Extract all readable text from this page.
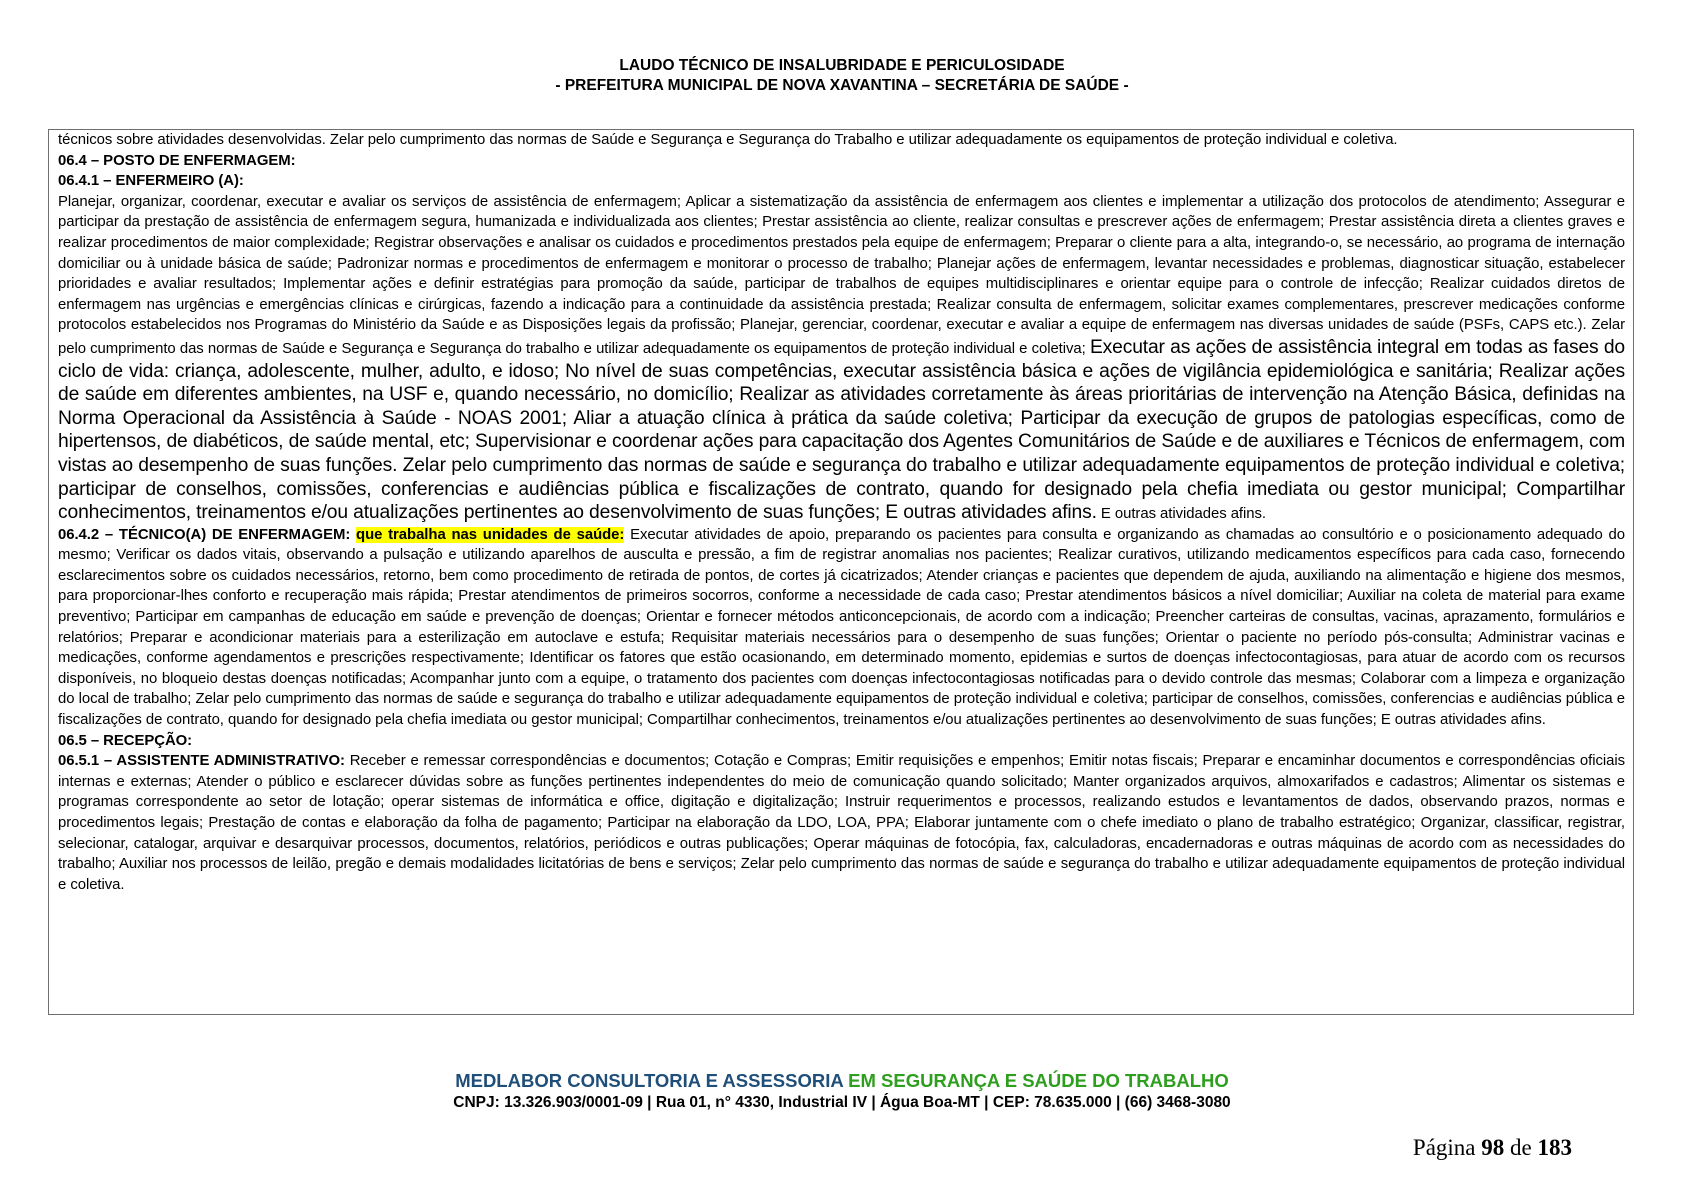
LAUDO TÉCNICO DE INSALUBRIDADE E PERICULOSIDADE
- PREFEITURA MUNICIPAL DE NOVA XAVANTINA – SECRETÁRIA DE SAÚDE -

técnicos sobre atividades desenvolvidas. Zelar pelo cumprimento das normas de Saúde e Segurança e Segurança do Trabalho e utilizar adequadamente os equipamentos de proteção individual e coletiva.

06.4 – POSTO DE ENFERMAGEM:

06.4.1 – ENFERMEIRO (A):

Planejar, organizar, coordenar, executar e avaliar os serviços de assistência de enfermagem; Aplicar a sistematização da assistência de enfermagem aos clientes e implementar a utilização dos protocolos de atendimento; Assegurar e participar da prestação de assistência de enfermagem segura, humanizada e individualizada aos clientes; Prestar assistência ao cliente, realizar consultas e prescrever ações de enfermagem; Prestar assistência direta a clientes graves e realizar procedimentos de maior complexidade; Registrar observações e analisar os cuidados e procedimentos prestados pela equipe de enfermagem; Preparar o cliente para a alta, integrando-o, se necessário, ao programa de internação domiciliar ou à unidade básica de saúde; Padronizar normas e procedimentos de enfermagem e monitorar o processo de trabalho; Planejar ações de enfermagem, levantar necessidades e problemas, diagnosticar situação, estabelecer prioridades e avaliar resultados; Implementar ações e definir estratégias para promoção da saúde, participar de trabalhos de equipes multidisciplinares e orientar equipe para o controle de infecção; Realizar cuidados diretos de enfermagem nas urgências e emergências clínicas e cirúrgicas, fazendo a indicação para a continuidade da assistência prestada; Realizar consulta de enfermagem, solicitar exames complementares, prescrever medicações conforme protocolos estabelecidos nos Programas do Ministério da Saúde e as Disposições legais da profissão; Planejar, gerenciar, coordenar, executar e avaliar a equipe de enfermagem nas diversas unidades de saúde (PSFs, CAPS etc.). Zelar pelo cumprimento das normas de Saúde e Segurança e Segurança do trabalho e utilizar adequadamente os equipamentos de proteção individual e coletiva; Executar as ações de assistência integral em todas as fases do ciclo de vida: criança, adolescente, mulher, adulto, e idoso; No nível de suas competências, executar assistência básica e ações de vigilância epidemiológica e sanitária; Realizar ações de saúde em diferentes ambientes, na USF e, quando necessário, no domicílio; Realizar as atividades corretamente às áreas prioritárias de intervenção na Atenção Básica, definidas na Norma Operacional da Assistência à Saúde - NOAS 2001; Aliar a atuação clínica à prática da saúde coletiva; Participar da execução de grupos de patologias específicas, como de hipertensos, de diabéticos, de saúde mental, etc; Supervisionar e coordenar ações para capacitação dos Agentes Comunitários de Saúde e de auxiliares e Técnicos de enfermagem, com vistas ao desempenho de suas funções. Zelar pelo cumprimento das normas de saúde e segurança do trabalho e utilizar adequadamente equipamentos de proteção individual e coletiva; participar de conselhos, comissões, conferencias e audiências pública e fiscalizações de contrato, quando for designado pela chefia imediata ou gestor municipal; Compartilhar conhecimentos, treinamentos e/ou atualizações pertinentes ao desenvolvimento de suas funções; E outras atividades afins. E outras atividades afins.

06.4.2 – TÉCNICO(A) DE ENFERMAGEM: que trabalha nas unidades de saúde: Executar atividades de apoio, preparando os pacientes para consulta e organizando as chamadas ao consultório e o posicionamento adequado do mesmo; Verificar os dados vitais, observando a pulsação e utilizando aparelhos de ausculta e pressão, a fim de registrar anomalias nos pacientes; Realizar curativos, utilizando medicamentos específicos para cada caso, fornecendo esclarecimentos sobre os cuidados necessários, retorno, bem como procedimento de retirada de pontos, de cortes já cicatrizados; Atender crianças e pacientes que dependem de ajuda, auxiliando na alimentação e higiene dos mesmos, para proporcionar-lhes conforto e recuperação mais rápida; Prestar atendimentos de primeiros socorros, conforme a necessidade de cada caso; Prestar atendimentos básicos a nível domiciliar; Auxiliar na coleta de material para exame preventivo; Participar em campanhas de educação em saúde e prevenção de doenças; Orientar e fornecer métodos anticoncepcionais, de acordo com a indicação; Preencher carteiras de consultas, vacinas, aprazamento, formulários e relatórios; Preparar e acondicionar materiais para a esterilização em autoclave e estufa; Requisitar materiais necessários para o desempenho de suas funções; Orientar o paciente no período pós-consulta; Administrar vacinas e medicações, conforme agendamentos e prescrições respectivamente; Identificar os fatores que estão ocasionando, em determinado momento, epidemias e surtos de doenças infectocontagiosas, para atuar de acordo com os recursos disponíveis, no bloqueio destas doenças notificadas; Acompanhar junto com a equipe, o tratamento dos pacientes com doenças infectocontagiosas notificadas para o devido controle das mesmas; Colaborar com a limpeza e organização do local de trabalho; Zelar pelo cumprimento das normas de saúde e segurança do trabalho e utilizar adequadamente equipamentos de proteção individual e coletiva; participar de conselhos, comissões, conferencias e audiências pública e fiscalizações de contrato, quando for designado pela chefia imediata ou gestor municipal; Compartilhar conhecimentos, treinamentos e/ou atualizações pertinentes ao desenvolvimento de suas funções; E outras atividades afins.

06.5 – RECEPÇÃO:

06.5.1 – ASSISTENTE ADMINISTRATIVO: Receber e remessar correspondências e documentos; Cotação e Compras; Emitir requisições e empenhos; Emitir notas fiscais; Preparar e encaminhar documentos e correspondências oficiais internas e externas; Atender o público e esclarecer dúvidas sobre as funções pertinentes independentes do meio de comunicação quando solicitado; Manter organizados arquivos, almoxarifados e cadastros; Alimentar os sistemas e programas correspondente ao setor de lotação; operar sistemas de informática e office, digitação e digitalização; Instruir requerimentos e processos, realizando estudos e levantamentos de dados, observando prazos, normas e procedimentos legais; Prestação de contas e elaboração da folha de pagamento; Participar na elaboração da LDO, LOA, PPA; Elaborar juntamente com o chefe imediato o plano de trabalho estratégico; Organizar, classificar, registrar, selecionar, catalogar, arquivar e desarquivar processos, documentos, relatórios, periódicos e outras publicações; Operar máquinas de fotocópia, fax, calculadoras, encadernadoras e outras máquinas de acordo com as necessidades do trabalho; Auxiliar nos processos de leilão, pregão e demais modalidades licitatórias de bens e serviços; Zelar pelo cumprimento das normas de saúde e segurança do trabalho e utilizar adequadamente equipamentos de proteção individual e coletiva.

MEDLABOR CONSULTORIA E ASSESSORIA EM SEGURANÇA E SAÚDE DO TRABALHO
CNPJ: 13.326.903/0001-09 | Rua 01, n° 4330, Industrial IV | Água Boa-MT | CEP: 78.635.000 | (66) 3468-3080
Página 98 de 183
